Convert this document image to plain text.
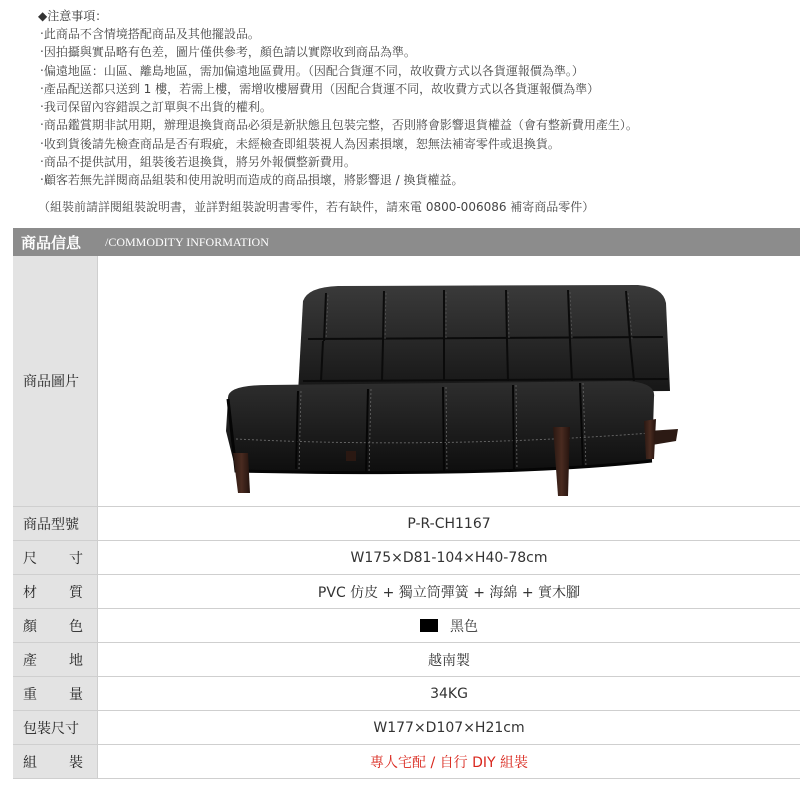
◆注意事項：
‧此商品不含情境搭配商品及其他擺設品。
‧因拍攝與實品略有色差，圖片僅供參考，顏色請以實際收到商品為準。
‧偏遠地區：山區、離島地區，需加偏遠地區費用。（因配合貨運不同，故收費方式以各貨運報價為準。）
‧產品配送都只送到 1 樓，若需上樓，需增收樓層費用（因配合貨運不同，故收費方式以各貨運報價為準）
‧我司保留內容錯誤之訂單與不出貨的權利。
‧商品鑑賞期非試用期，辦理退換貨商品必須是新狀態且包裝完整，否則將會影響退貨權益（會有整新費用產生）。
‧收到貨後請先檢查商品是否有瑕疵，未經檢查即組裝視人為因素損壞，恕無法補寄零件或退換貨。
‧商品不提供試用，組裝後若退換貨，將另外報價整新費用。
‧顧客若無先詳閱商品組裝和使用說明而造成的商品損壞，將影響退 / 換貨權益。
（組裝前請詳閱組裝說明書，並詳對組裝說明書零件，若有缺件，請來電 0800-006086 補寄商品零件）
商品信息 /COMMODITY INFORMATION
商品圖片
商品型號	P-R-CH1167
尺 寸	W175×D81-104×H40-78cm
材 質	PVC 仿皮 + 獨立筒彈簧 + 海綿 + 實木腳
顏 色	黑色
產 地	越南製
重 量	34KG
包裝尺寸	W177×D107×H21cm
組 裝	專人宅配 / 自行 DIY 組裝
